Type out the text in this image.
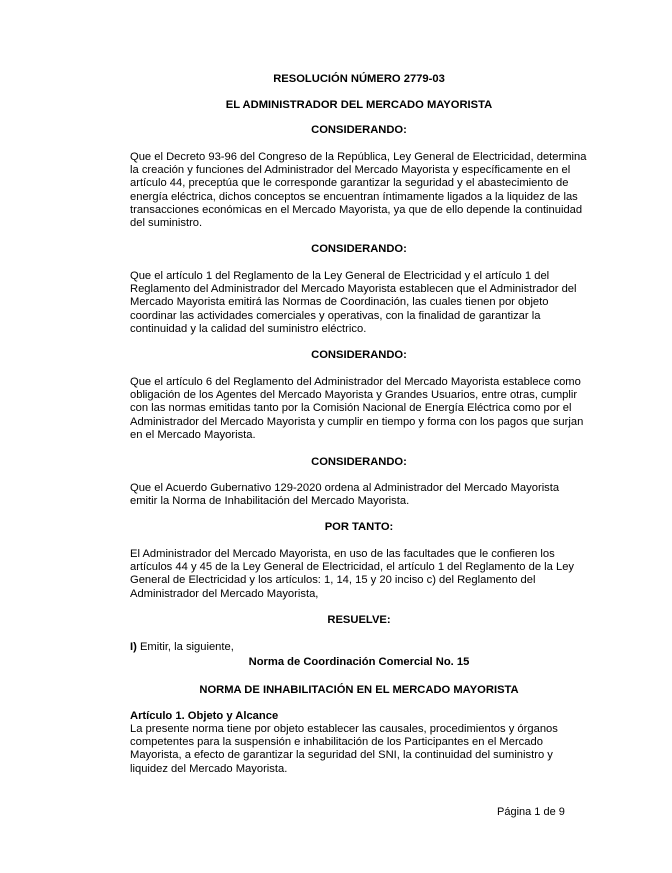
RESOLUCIÓN NÚMERO 2779-03
EL ADMINISTRADOR DEL MERCADO MAYORISTA
CONSIDERANDO:
Que el Decreto 93-96 del Congreso de la República, Ley General de Electricidad, determina
la creación y funciones del Administrador del Mercado Mayorista y específicamente en el
artículo 44, preceptúa que le corresponde garantizar la seguridad y el abastecimiento de
energía eléctrica, dichos conceptos se encuentran íntimamente ligados a la liquidez de las
transacciones económicas en el Mercado Mayorista, ya que de ello depende la continuidad
del suministro.
CONSIDERANDO:
Que el artículo 1 del Reglamento de la Ley General de Electricidad y el artículo 1 del
Reglamento del Administrador del Mercado Mayorista establecen que el Administrador del
Mercado Mayorista emitirá las Normas de Coordinación, las cuales tienen por objeto
coordinar las actividades comerciales y operativas, con la finalidad de garantizar la
continuidad y la calidad del suministro eléctrico.
CONSIDERANDO:
Que el artículo 6 del Reglamento del Administrador del Mercado Mayorista establece como
obligación de los Agentes del Mercado Mayorista y Grandes Usuarios, entre otras, cumplir
con las normas emitidas tanto por la Comisión Nacional de Energía Eléctrica como por el
Administrador del Mercado Mayorista y cumplir en tiempo y forma con los pagos que surjan
en el Mercado Mayorista.
CONSIDERANDO:
Que el Acuerdo Gubernativo 129-2020 ordena al Administrador del Mercado Mayorista
emitir la Norma de Inhabilitación del Mercado Mayorista.
POR TANTO:
El Administrador del Mercado Mayorista, en uso de las facultades que le confieren los
artículos 44 y 45 de la Ley General de Electricidad, el artículo 1 del Reglamento de la Ley
General de Electricidad y los artículos: 1, 14, 15 y 20 inciso c) del Reglamento del
Administrador del Mercado Mayorista,
RESUELVE:
I) Emitir, la siguiente,
Norma de Coordinación Comercial No. 15
NORMA DE INHABILITACIÓN EN EL MERCADO MAYORISTA
Artículo 1. Objeto y Alcance
La presente norma tiene por objeto establecer las causales, procedimientos y órganos
competentes para la suspensión e inhabilitación de los Participantes en el Mercado
Mayorista, a efecto de garantizar la seguridad del SNI, la continuidad del suministro y
liquidez del Mercado Mayorista.
Página 1 de 9
